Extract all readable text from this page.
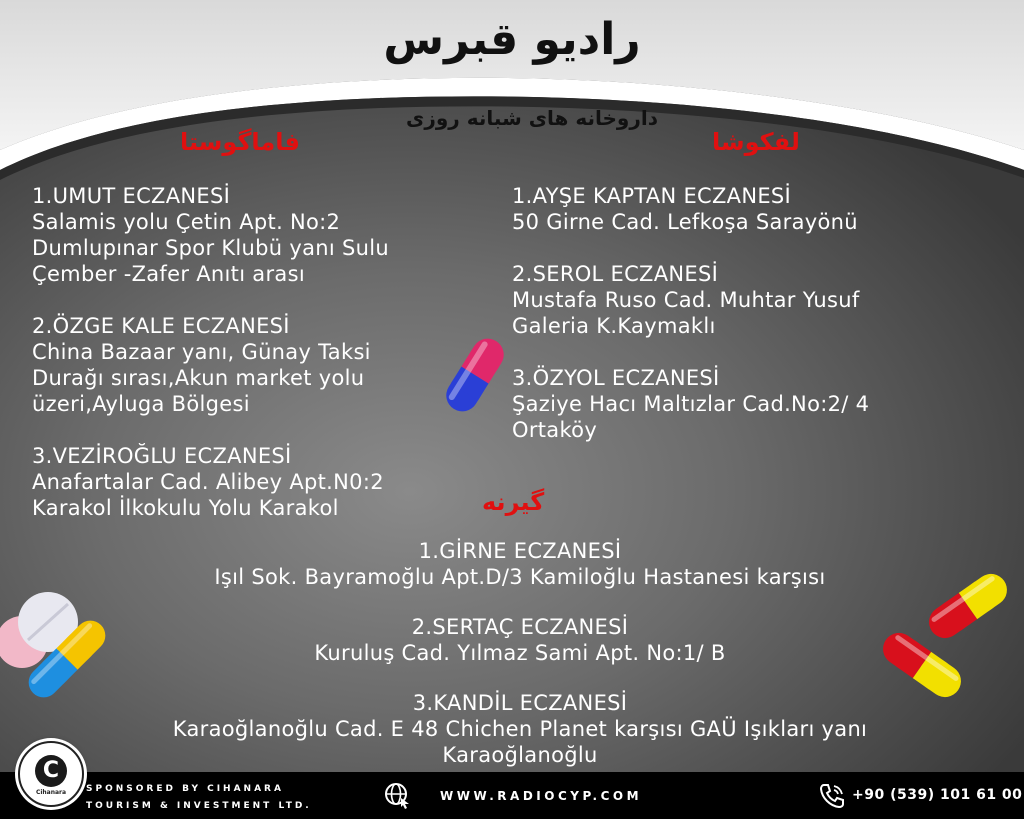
رادیو قبرس
داروخانه های شبانه روزی
فاماگوستا	لفکوشا
گیرنه
1.UMUT ECZANESİ
Salamis yolu Çetin Apt. No:2
Dumlupınar Spor Klubü yanı Sulu
Çember -Zafer Anıtı arası
2.ÖZGE KALE ECZANESİ
China Bazaar yanı, Günay Taksi
Durağı sırası,Akun market yolu
üzeri,Ayluga Bölgesi
3.VEZİROĞLU ECZANESİ
Anafartalar Cad. Alibey Apt.N0:2
Karakol İlkokulu Yolu Karakol
1.AYŞE KAPTAN ECZANESİ
50 Girne Cad. Lefkoşa Sarayönü
2.SEROL ECZANESİ
Mustafa Ruso Cad. Muhtar Yusuf
Galeria K.Kaymaklı
3.ÖZYOL ECZANESİ
Şaziye Hacı Maltızlar Cad.No:2/ 4
Ortaköy
1.GİRNE ECZANESİ
Işıl Sok. Bayramoğlu Apt.D/3 Kamiloğlu Hastanesi karşısı
2.SERTAÇ ECZANESİ
Kuruluş Cad. Yılmaz Sami Apt. No:1/ B
3.KANDİL ECZANESİ
Karaoğlanoğlu Cad. E 48 Chichen Planet karşısı GAÜ Işıkları yanı
Karaoğlanoğlu
C
Cihanara	SPONSORED BY CIHANARA
TOURISM & INVESTMENT LTD.
WWW.RADIOCYP.COM	+90 (539) 101 61 00
